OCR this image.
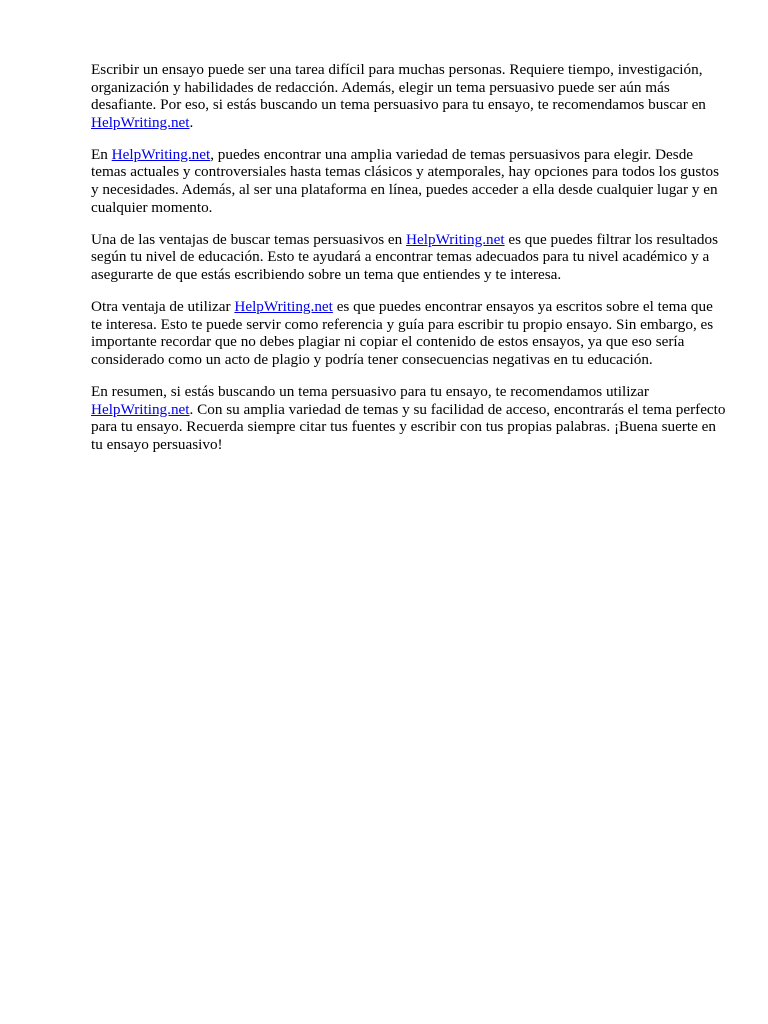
Escribir un ensayo puede ser una tarea difícil para muchas personas. Requiere tiempo, investigación, organización y habilidades de redacción. Además, elegir un tema persuasivo puede ser aún más desafiante. Por eso, si estás buscando un tema persuasivo para tu ensayo, te recomendamos buscar en HelpWriting.net.

En HelpWriting.net, puedes encontrar una amplia variedad de temas persuasivos para elegir. Desde temas actuales y controversiales hasta temas clásicos y atemporales, hay opciones para todos los gustos y necesidades. Además, al ser una plataforma en línea, puedes acceder a ella desde cualquier lugar y en cualquier momento.

Una de las ventajas de buscar temas persuasivos en HelpWriting.net es que puedes filtrar los resultados según tu nivel de educación. Esto te ayudará a encontrar temas adecuados para tu nivel académico y a asegurarte de que estás escribiendo sobre un tema que entiendes y te interesa.

Otra ventaja de utilizar HelpWriting.net es que puedes encontrar ensayos ya escritos sobre el tema que te interesa. Esto te puede servir como referencia y guía para escribir tu propio ensayo. Sin embargo, es importante recordar que no debes plagiar ni copiar el contenido de estos ensayos, ya que eso sería considerado como un acto de plagio y podría tener consecuencias negativas en tu educación.

En resumen, si estás buscando un tema persuasivo para tu ensayo, te recomendamos utilizar HelpWriting.net. Con su amplia variedad de temas y su facilidad de acceso, encontrarás el tema perfecto para tu ensayo. Recuerda siempre citar tus fuentes y escribir con tus propias palabras. ¡Buena suerte en tu ensayo persuasivo!
